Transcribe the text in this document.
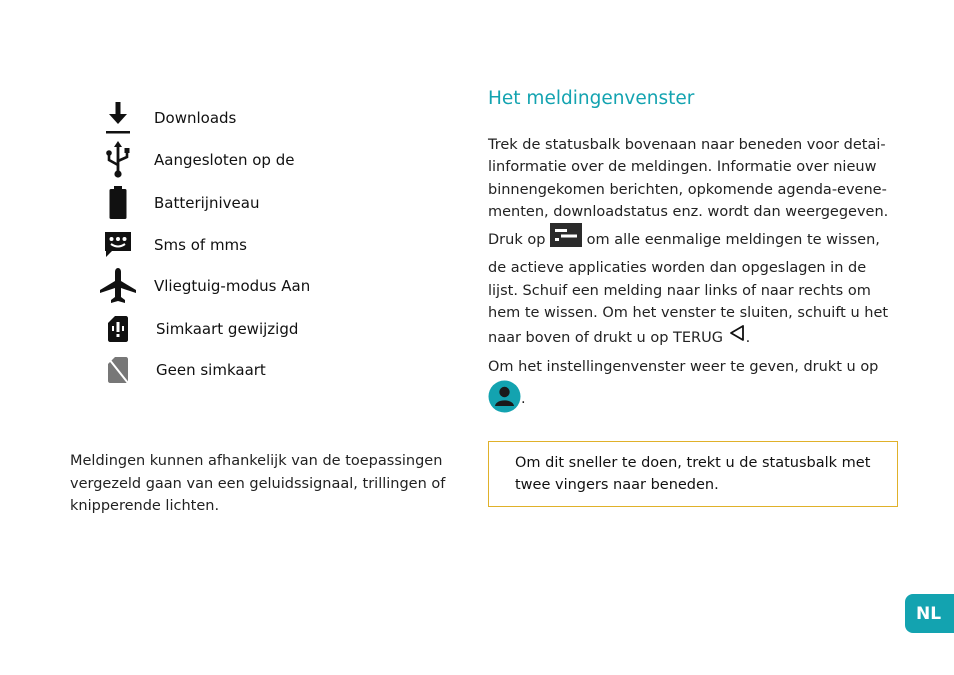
Downloads
Aangesloten op de
Batterijniveau
Sms of mms
Vliegtuig-modus Aan
Simkaart gewijzigd
Geen simkaart

Meldingen kunnen afhankelijk van de toepassingen vergezeld gaan van een geluidssignaal, trillingen of knipperende lichten.

Het meldingenvenster

Trek de statusbalk bovenaan naar beneden voor detai-linformatie over de meldingen. Informatie over nieuw binnengekomen berichten, opkomende agenda-evene-menten, downloadstatus enz. wordt dan weergegeven. Druk op  om alle eenmalige meldingen te wissen, de actieve applicaties worden dan opgeslagen in de lijst. Schuif een melding naar links of naar rechts om hem te wissen. Om het venster te sluiten, schuift u het naar boven of drukt u op TERUG .

Om het instellingenvenster weer te geven, drukt u op .

Om dit sneller te doen, trekt u de statusbalk met twee vingers naar beneden.
NL
